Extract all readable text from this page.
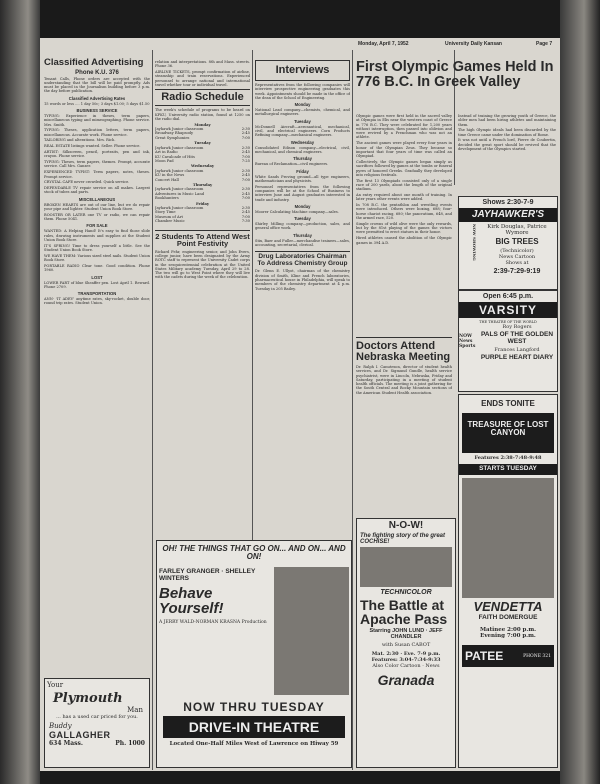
Monday, April 7, 1952	University Daily Kansan	Page 7
Classified Advertising
Phone K.U. 376

Tenant Calls, Phone orders are accepted with the understanding that the bill will be paid promptly. Ads must be placed in the Journalism building before 3 p.m. the day before publication.

Classified Advertising Rates

15 words or less .... 1 day 50c; 3 days $1.00; 5 days $1.50

BUSINESS SERVICE

TYPING: Experience in theses, term papers, miscellaneous typing and mimeographing. Phone service. Mrs. Smith.

TYPING: Theses, application letters, term papers, miscellaneous. Accurate work. Phone service.

TAILORING and alterations. Mrs. Rich.

REAL ESTATE listings wanted. Seller. Phone service.

ARTIST: Silkscreen, pencil, portraits, pen and ink, crayon. Phone service.

TYPING: Theses, term papers, themes. Prompt, accurate service. Call Mrs. Ganzer.

EXPERIENCED TYPIST: Term papers, notes, theses. Prompt service.

CRYSTAL CAFE never crowded. Quick service.

DEPENDABLE TV repair service on all makes. Largest stock of tubes and parts.

MISCELLANEOUS

BROKEN HEARTS are out of our line, but we do repair your pipe and lighter. Student Union Book Store.

BOOSTER OR LATER one TV or radio, we can repair them. Phone 5041.

FOR SALE

WANTED: A Helping Hand! It's easy to find those slide rules, drawing instruments and supplies at the Student Union Book Store.

IT'S SPRING! Time to dress yourself a little. See the Student Union Book Store.

WE HAVE THEM: Various sized steel nails. Student Union Book Store.

PORTABLE RADIO Clear tone. Good condition. Phone 1960.

LOST

LOWER PART of blue Sheaffer pen. Lost April 1. Reward. Phone 2709.

TRANSPORTATION

ANN- 'IT ADEV' anytime rates, sky-rocket, double door, round trip rates. Student Union.

Your
Plymouth
Man
... has a used car priced for you.
Buddy
GALLAGHER
634 Mass.	Ph. 1000

relation and interpretations. 8th and Mass. streets. Phone 36.

AIRLINE TICKETS, prompt confirmation of airline, steamship and train reservations. Experienced personnel to arrange national and international travel whether tour or individual travel.

Radio Schedule

The week's schedule of programs to be heard on KFKU, University radio station, found at 1250 on the radio dial.

Monday
Jayhawk Junior classroom	2:30
Broadway Rhapsody	2:45
Great Symphonies	7:00
Tuesday
Jayhawk Junior classroom	2:30
Art in Radio	2:45
KU Cavalcade of Hits	7:00
Moon Pad	7:25
Wednesday
Jayhawk Junior classroom	2:30
KU in the News	2:45
Concert Hall	7:00
Thursday
Jayhawk Junior classroom	2:30
Adventures in Music Land	2:45
Bookhunters	7:00
Friday
Jayhawk Junior classroom	2:30
Story Time	2:45
Museum of Art	7:00
Chamber Music	7:30
2 Students To Attend West Point Festivity

Richard Fehr, engineering senior, and John Evers, college junior, have been designated by the Army ROTC staff to represent the University Cadet corps in the sesquicentennial celebration at the United States Military academy Tuesday, April 29 to 28. The two will go to West Point where they will live with the cadets during the week of the celebration.

Interviews

Representatives from the following companies will interview prospective engineering graduates this week. Appointments should be made in the office of the dean of the School of Engineering.

Monday

National Lead company—chemists, chemical, and metallurgical engineers.

Tuesday

McDonnell Aircraft—aeronautical, mechanical, civil, and electrical engineers. Corn Products Refining company—mechanical engineers.

Wednesday

Consolidated Edison company—electrical, civil, mechanical, and chemical engineers.

Thursday

Bureau of Reclamation—civil engineers.

Friday

White Sands Proving ground—all type engineers, mathematicians and physicists.

Personnel representatives from the following companies will be at the School of Business to interview June and August graduates interested in trade and industry.

Monday

Moorer Calculating Machine company—sales.

Tuesday

Shirley Milling company—production, sales, and general office work.

Thursday

Stix, Baer and Fuller—merchandise trainees—sales, accounting, secretarial, clerical.

Drug Laboratories Chairman To Address Chemistry Group

Dr. Glenn E. Ullyot, chairman of the chemistry division of Smith, Kline and French laboratories, pharmaceutical house in Philadelphia, will speak to members of the chemistry department at 4 p.m. Tuesday in 205 Bailey.

OH! THE THINGS THAT GO ON... AND ON... AND ON!
FARLEY GRANGER · SHELLEY WINTERS
Behave Yourself!
A JERRY WALD-NORMAN KRASNA Production
NOW THRU TUESDAY
DRIVE-IN THEATRE
Located One-Half Miles West of Lawrence on Hiway 59
First Olympic Games Held In 776 B.C. In Greek Valley

Olympic games were first held in the sacred valley at Olympia in Elis near the western coast of Greece in 776 B.C. They were celebrated for 1,200 years without interruption, then passed into oblivion and were revived by a Frenchman who was not an athlete.

The ancient games were played every four years in honor of the Olympian Zeus. They became so important that four years of time was called an Olympiad.

Collectively, the Olympic games began simply as sacrifices followed by games at the tombs or funeral pyres of honored Greeks. Gradually they developed into religious festivals.

The first 13 Olympiads consisted only of a single race of 200 yards, about the length of the original stadium.

An entry required about one month of training. In later years other events were added.

In 708 B.C. the pentathlon and wrestling events were introduced. Others were boxing, 688; four-horse chariot racing, 680; the pancratium, 648, and the armed race, 520.

Simple crowns of wild olive were the only rewards, but by the 81st playing of the games the victors were permitted to erect statues in their honor.

Hired athletes caused the abolition of the Olympic games in 394 A.D.

Instead of training the growing youth of Greece, the older men had been hiring athletes and maintaining them.

The high Olympic ideals had been discarded by the time Greece came under the domination of Rome.

It was not until a French lord, Pierre de Coubertin, decided the great sport should be revived that the development of the Olympics started.

Doctors Attend Nebraska Meeting

Dr. Ralph I. Canuteson, director of student health services, and Dr. Sigmund Gundle, health service psychiatrist, were in Lincoln, Nebraska, Friday and Saturday, participating in a meeting of student health officials. The meeting is a joint gathering for the South Central and Rocky Mountain sections of the American Student Health association.

N-O-W!
The fighting story of the great COCHISE!
TECHNICOLOR
The Battle at Apache Pass
Starring JOHN LUND · JEFF CHANDLER
with Susan CABOT
Mat. 2:30 · Eve. 7-9 p.m. Features: 3:04-7:34-9:33
Also Color Cartoon · News
Granada
Shows 2:30-7-9
JAYHAWKER'S
NOW SHOWING	Kirk Douglas, Patrice Wymore
BIG TREES
(Technicolor)
News Cartoon
Shows at
2:39-7:29-9:19
Open 6:45 p.m.
VARSITY
THE THEATRE OF THE WORLD
NOW News Sports
Roy Rogers
PALS OF THE GOLDEN WEST
Frances Langford
PURPLE HEART DIARY
ENDS TONITE
TREASURE OF LOST CANYON
Features 2:38-7:48-9:48
STARTS TUESDAY
VENDETTA
FAITH DOMERGUE
Matinee 2:00 p.m.
Evening 7:00 p.m.
PATEE	PHONE 321
